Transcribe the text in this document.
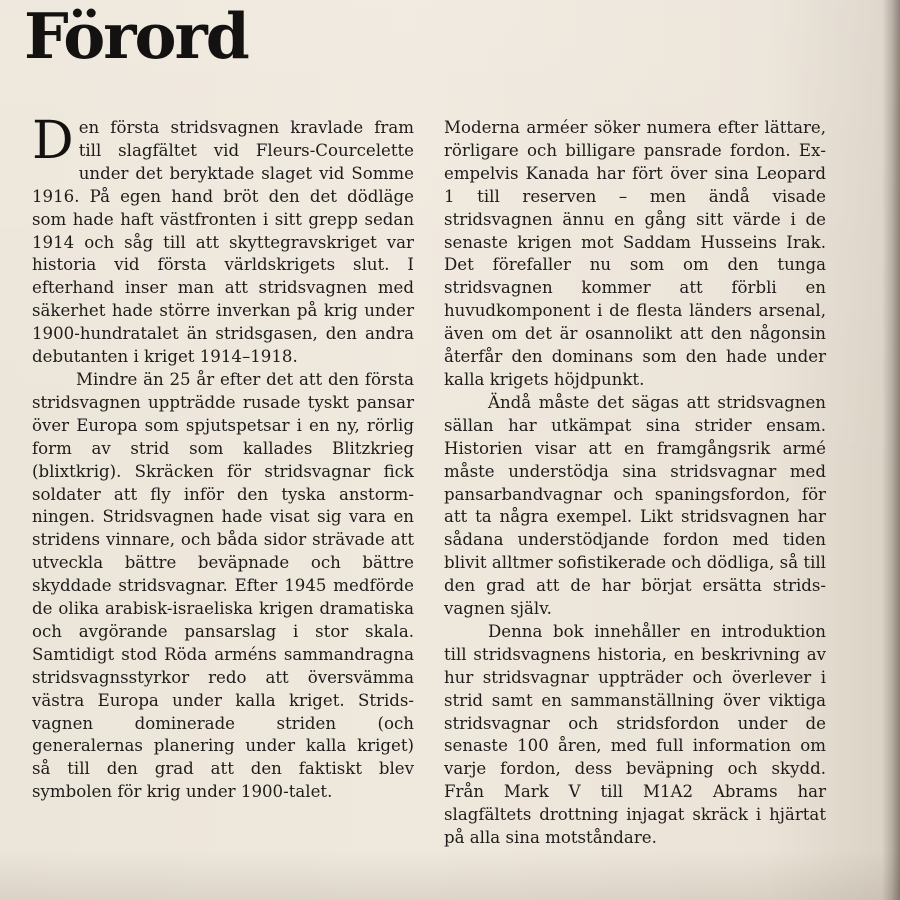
Förord

Den första stridsvagnen kravlade fram till slagfältet vid Fleurs-Courcelette under det beryktade slaget vid Somme 1916. På egen hand bröt den det dödläge som hade haft västfronten i sitt grepp sedan 1914 och såg till att skyttegravskriget var historia vid första världskrigets slut. I efterhand inser man att stridsvagnen med säkerhet hade större inverkan på krig under 1900-hundratalet än stridsgasen, den andra debutanten i kriget 1914–1918.

Mindre än 25 år efter det att den första stridsvagnen uppträdde rusade tyskt pansar över Europa som spjutspetsar i en ny, rörlig form av strid som kallades Blitzkrieg (blixtkrig). Skräcken för stridsvagnar fick soldater att fly inför den tyska anstormningen. Stridsvagnen hade visat sig vara en stridens vinnare, och båda sidor strävade att utveckla bättre beväpnade och bättre skyddade stridsvagnar. Efter 1945 medförde de olika arabisk-israeliska krigen dramatiska och avgörande pansarslag i stor skala. Samtidigt stod Röda arméns sammandragna stridsvagnsstyrkor redo att översvämma västra Europa under kalla kriget. Stridsvagnen dominerade striden (och generalernas planering under kalla kriget) så till den grad att den faktiskt blev symbolen för krig under 1900-talet.

Moderna arméer söker numera efter lättare, rörligare och billigare pansrade fordon. Exempelvis Kanada har fört över sina Leopard 1 till reserven – men ändå visade stridsvagnen ännu en gång sitt värde i de senaste krigen mot Saddam Husseins Irak. Det förefaller nu som om den tunga stridsvagnen kommer att förbli en huvudkomponent i de flesta länders arsenal, även om det är osannolikt att den någonsin återfår den dominans som den hade under kalla krigets höjdpunkt.

Ändå måste det sägas att stridsvagnen sällan har utkämpat sina strider ensam. Historien visar att en framgångsrik armé måste understödja sina stridsvagnar med pansarbandvagnar och spaningsfordon, för att ta några exempel. Likt stridsvagnen har sådana understödjande fordon med tiden blivit alltmer sofistikerade och dödliga, så till den grad att de har börjat ersätta stridsvagnen själv.

Denna bok innehåller en introduktion till stridsvagnens historia, en beskrivning av hur stridsvagnar uppträder och överlever i strid samt en sammanställning över viktiga stridsvagnar och stridsfordon under de senaste 100 åren, med full information om varje fordon, dess beväpning och skydd. Från Mark V till M1A2 Abrams har slagfältets drottning injagat skräck i hjärtat på alla sina motståndare.
